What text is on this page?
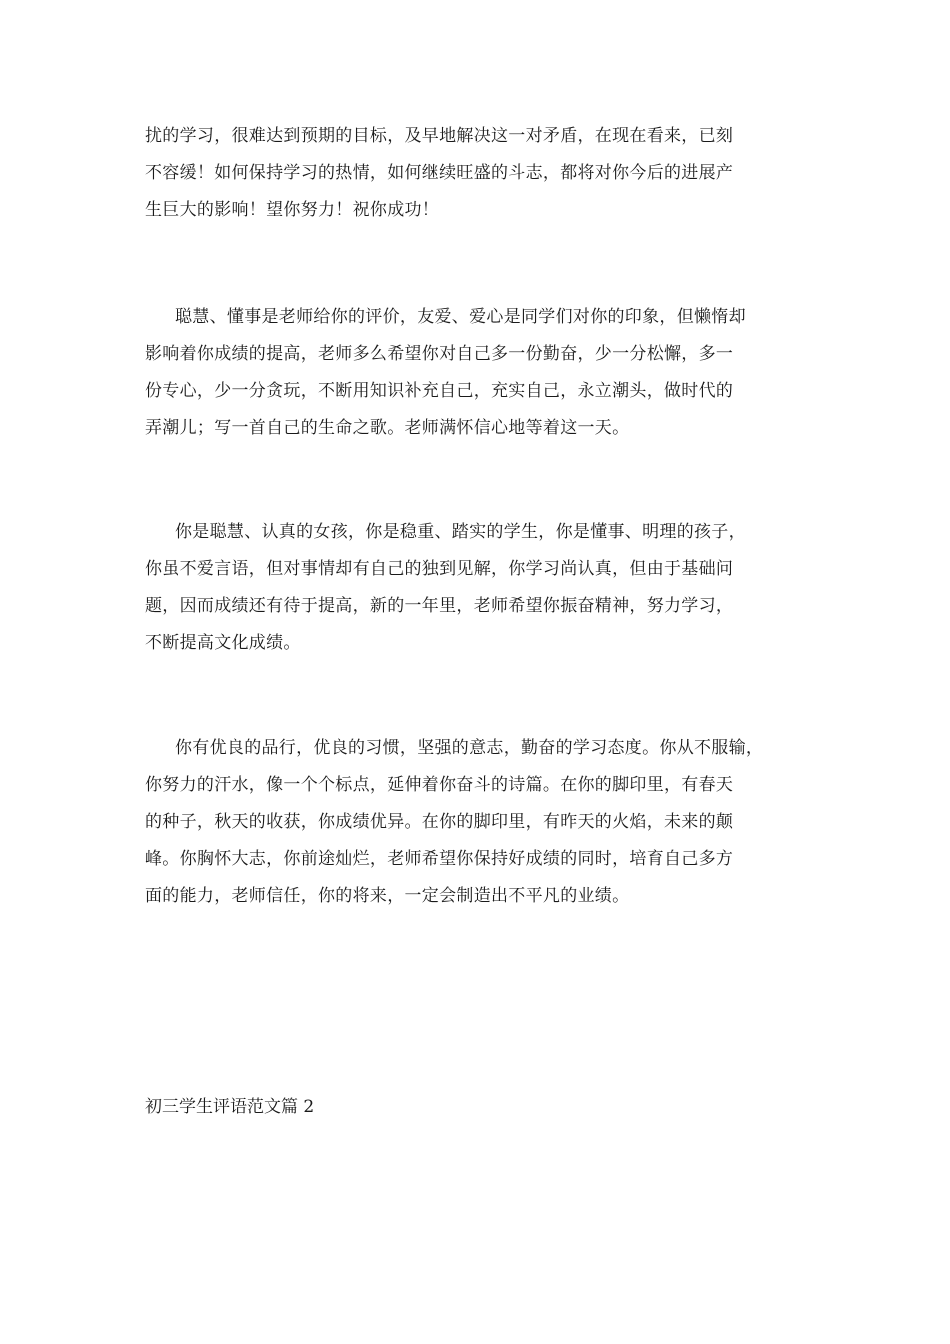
扰的学习，很难达到预期的目标，及早地解决这一对矛盾，在现在看来，已刻
不容缓！如何保持学习的热情，如何继续旺盛的斗志，都将对你今后的进展产
生巨大的影响！望你努力！祝你成功！
聪慧、懂事是老师给你的评价，友爱、爱心是同学们对你的印象，但懒惰却
影响着你成绩的提高，老师多么希望你对自己多一份勤奋，少一分松懈，多一
份专心，少一分贪玩，不断用知识补充自己，充实自己，永立潮头，做时代的
弄潮儿；写一首自己的生命之歌。老师满怀信心地等着这一天。
你是聪慧、认真的女孩，你是稳重、踏实的学生，你是懂事、明理的孩子，
你虽不爱言语，但对事情却有自己的独到见解，你学习尚认真，但由于基础问
题，因而成绩还有待于提高，新的一年里，老师希望你振奋精神，努力学习，
不断提高文化成绩。
你有优良的品行，优良的习惯，坚强的意志，勤奋的学习态度。你从不服输，
你努力的汗水，像一个个标点，延伸着你奋斗的诗篇。在你的脚印里，有春天
的种子，秋天的收获，你成绩优异。在你的脚印里，有昨天的火焰，未来的颠
峰。你胸怀大志，你前途灿烂，老师希望你保持好成绩的同时，培育自己多方
面的能力，老师信任，你的将来，一定会制造出不平凡的业绩。
初三学生评语范文篇 2
